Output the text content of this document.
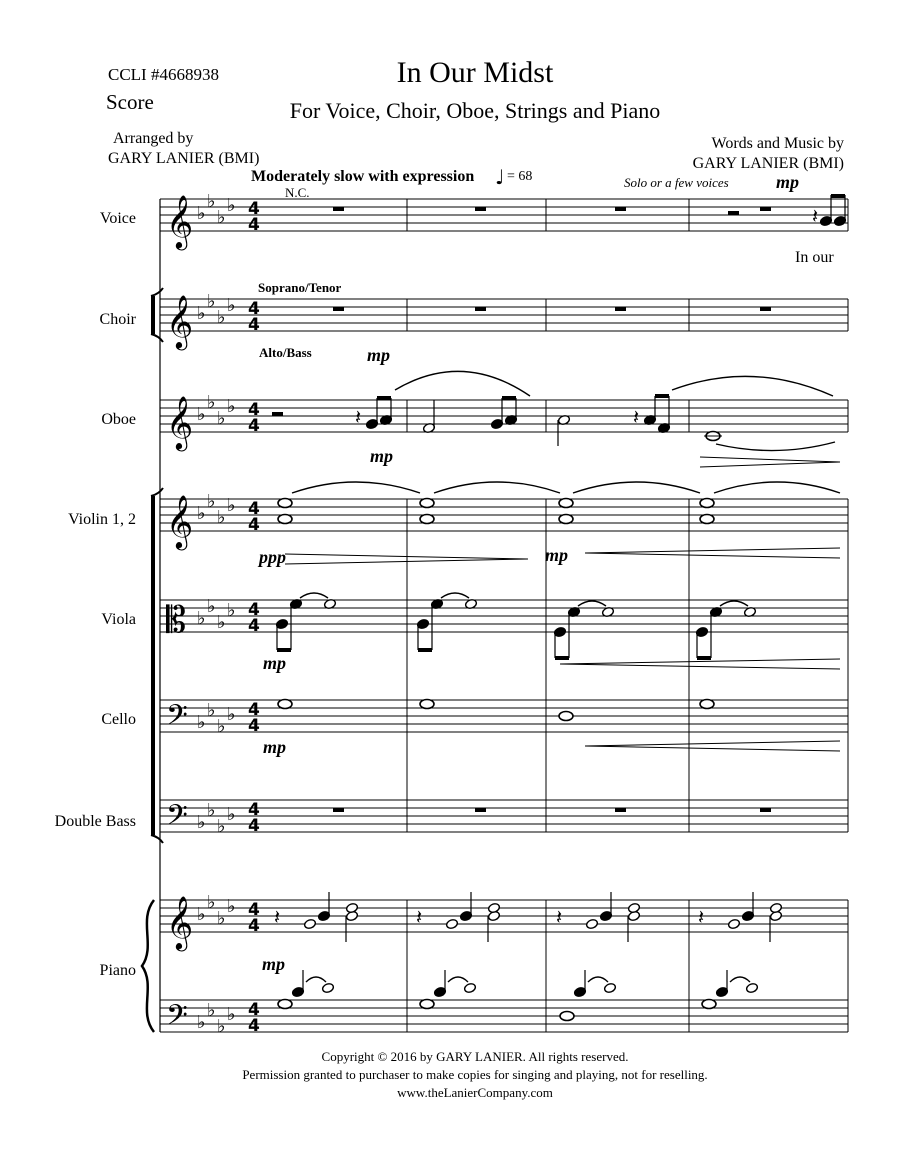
CCLI #4668938
Score
In Our Midst
For Voice, Choir, Oboe, Strings and Piano
Arranged by
GARY LANIER (BMI)
Words and Music by
GARY LANIER (BMI)
Moderately slow with expression ♩ = 68
N.C.
Solo or a few voices	mp
In our
Soprano/Tenor
Alto/Bass	mp
mp
ppp	mp
mp
mp
mp
Voice
Choir
Oboe
Violin 1, 2
Viola
Cello
Double Bass
Piano
𝄞 ♭
♭
♭
♭ 4
4
𝄞 ♭
♭
♭
♭ 4
4
𝄞 ♭
♭
♭
♭ 4
4
𝄞 ♭
♭
♭
♭ 4
4
𝄡 ♭
♭
♭
♭ 4
4
𝄢 ♭
♭
♭
♭ 4
4
𝄢 ♭
♭
♭
♭ 4
4
𝄞 ♭
♭
♭
♭ 4
4
𝄢 ♭
♭
♭
♭ 4
4
𝄽
𝄽	𝄽
𝄽	𝄽	𝄽	𝄽
Copyright © 2016 by GARY LANIER. All rights reserved.
Permission granted to purchaser to make copies for singing and playing, not for reselling.
www.theLanierCompany.com
